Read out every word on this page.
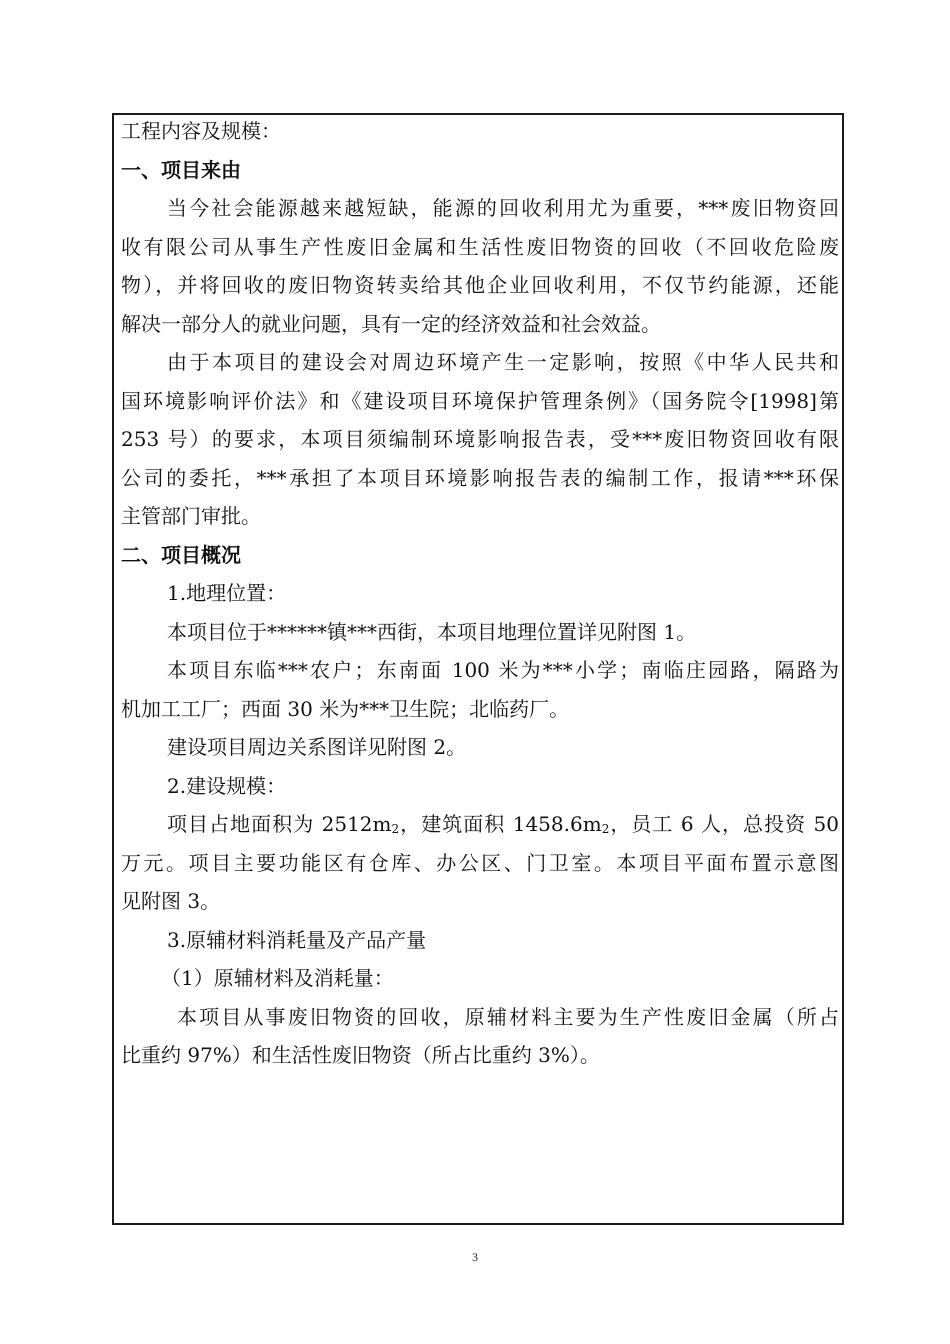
工程内容及规模：
一、项目来由
当今社会能源越来越短缺，能源的回收利用尤为重要，***废旧物资回
收有限公司从事生产性废旧金属和生活性废旧物资的回收（不回收危险废
物），并将回收的废旧物资转卖给其他企业回收利用，不仅节约能源，还能
解决一部分人的就业问题，具有一定的经济效益和社会效益。
由于本项目的建设会对周边环境产生一定影响，按照《中华人民共和
国环境影响评价法》和《建设项目环境保护管理条例》（国务院令[1998]第
253 号）的要求，本项目须编制环境影响报告表，受***废旧物资回收有限
公司的委托，***承担了本项目环境影响报告表的编制工作，报请***环保
主管部门审批。
二、项目概况
1.地理位置：
本项目位于******镇***西街，本项目地理位置详见附图 1。
本项目东临***农户；东南面 100 米为***小学；南临庄园路，隔路为
机加工工厂；西面 30 米为***卫生院；北临药厂。
建设项目周边关系图详见附图 2。
2.建设规模：
项目占地面积为 $2512m_2$，建筑面积 $1458.6m_2$，员工 6 人，总投资 50
万元。项目主要功能区有仓库、办公区、门卫室。本项目平面布置示意图
见附图 3。
3.原辅材料消耗量及产品产量
（1）原辅材料及消耗量：
本项目从事废旧物资的回收，原辅材料主要为生产性废旧金属（所占
比重约 97%）和生活性废旧物资（所占比重约 3%）。
3
